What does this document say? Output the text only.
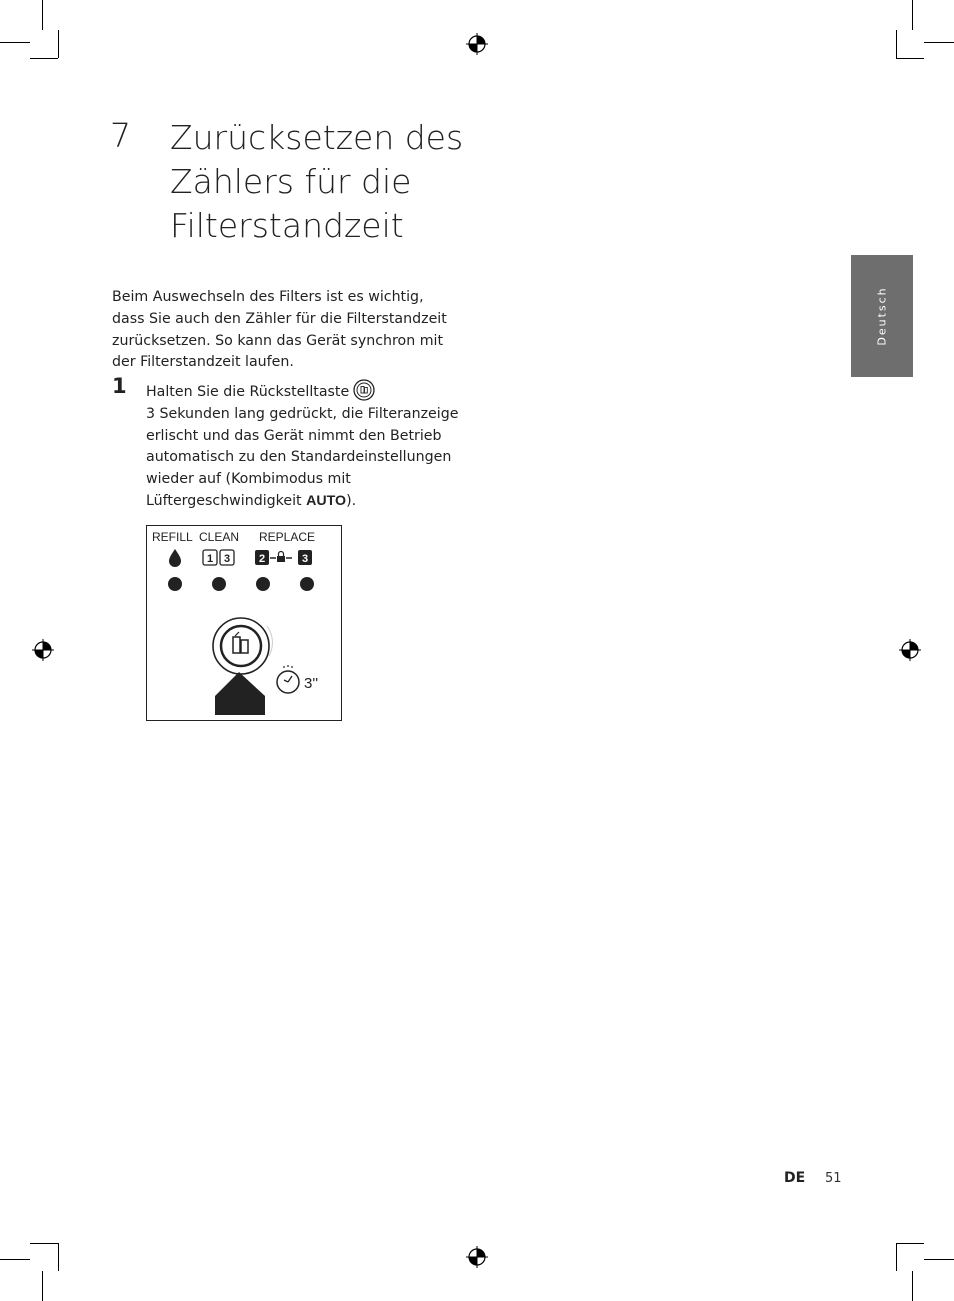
7 Zurücksetzen des
Zählers für die
Filterstandzeit
Beim Auswechseln des Filters ist es wichtig,
dass Sie auch den Zähler für die Filterstandzeit
zurücksetzen. So kann das Gerät synchron mit
der Filterstandzeit laufen.
1 Halten Sie die Rückstelltaste
3 Sekunden lang gedrückt, die Filteranzeige
erlischt und das Gerät nimmt den Betrieb
automatisch zu den Standardeinstellungen
wieder auf (Kombimodus mit
Lüftergeschwindigkeit AUTO).
REFILL CLEAN REPLACE
1 3	2	3
3''
Deutsch
DE 51
